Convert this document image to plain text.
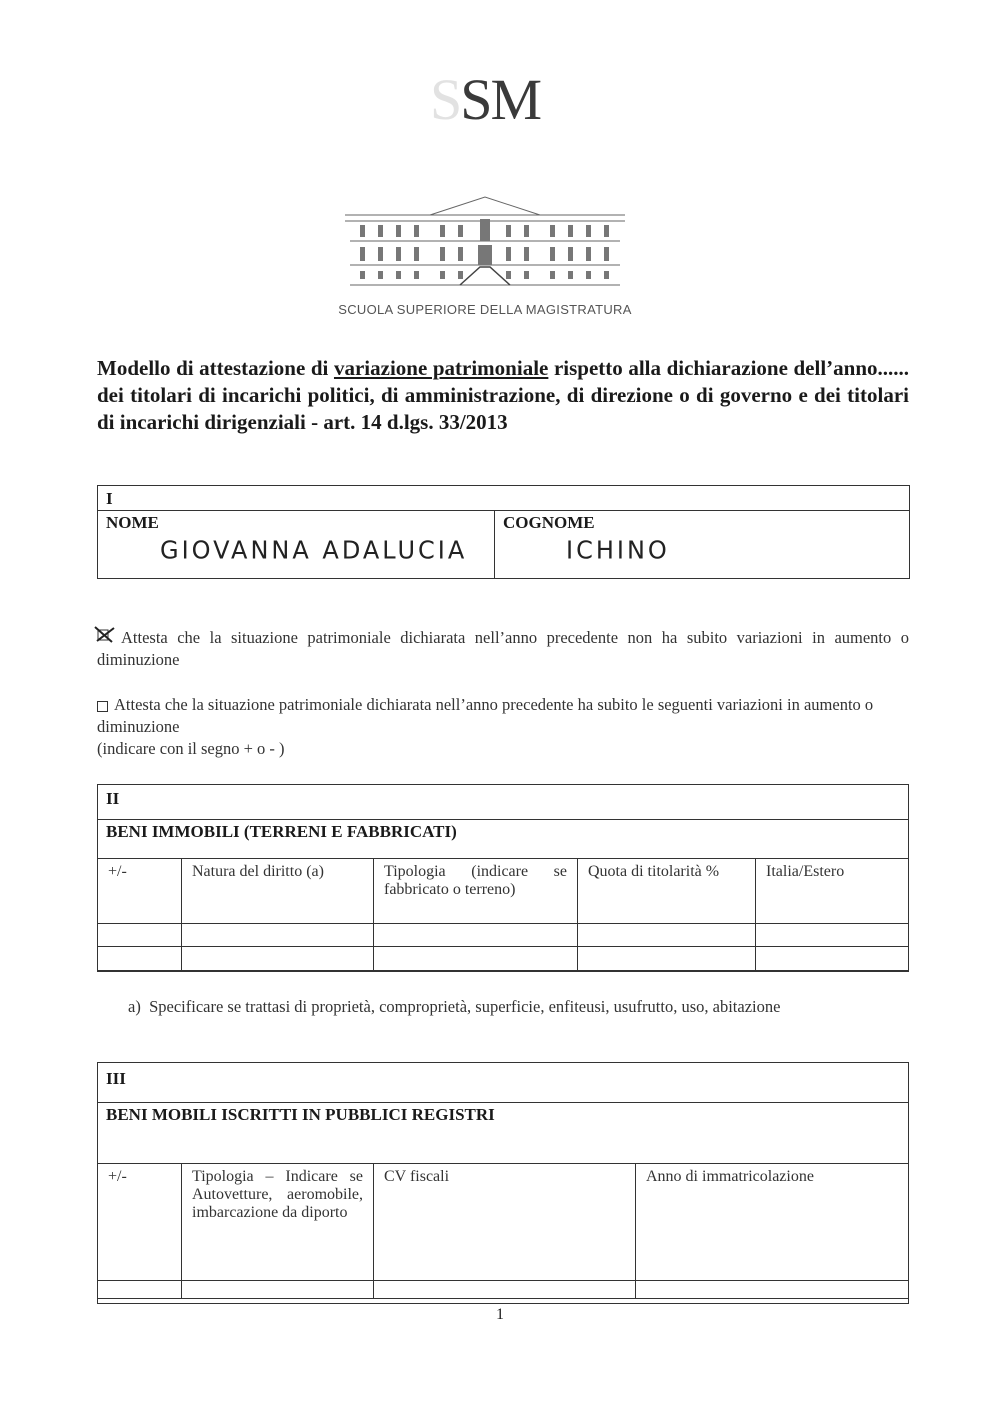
SSM
SCUOLA SUPERIORE DELLA MAGISTRATURA
Modello di attestazione di variazione patrimoniale rispetto alla dichiarazione dell’anno...... dei titolari di incarichi politici, di amministrazione, di direzione o di governo e dei titolari di incarichi dirigenziali - art. 14 d.lgs. 33/2013
I
NOME	COGNOME
GIOVANNA ADALUCIA	ICHINO
Attesta che la situazione patrimoniale dichiarata nell’anno precedente non ha subito variazioni in aumento o diminuzione
Attesta che la situazione patrimoniale dichiarata nell’anno precedente ha subito le seguenti variazioni in aumento o diminuzione
(indicare con il segno + o - )
II
BENI IMMOBILI (TERRENI E FABBRICATI)
+/-	Natura del diritto (a)	Tipologia (indicare se fabbricato o terreno)	Quota di titolarità %	Italia/Estero

a) Specificare se trattasi di proprietà, comproprietà, superficie, enfiteusi, usufrutto, uso, abitazione
III
BENI MOBILI ISCRITTI IN PUBBLICI REGISTRI
+/-	Tipologia – Indicare se Autovetture, aeromobile, imbarcazione da diporto	CV fiscali	Anno di immatricolazione

1
